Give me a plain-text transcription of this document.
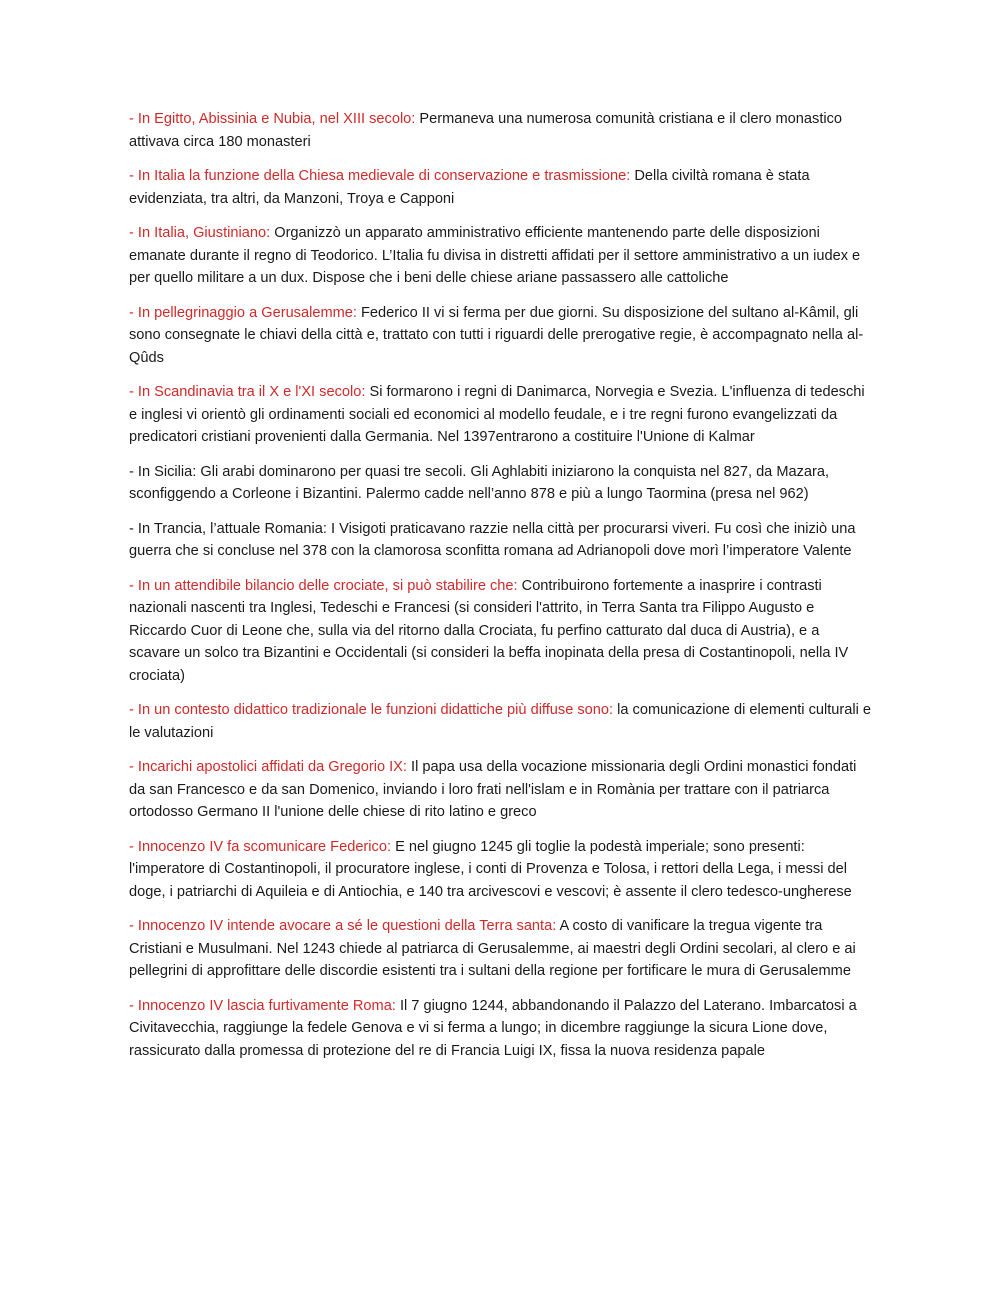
- In Egitto, Abissinia e Nubia, nel XIII secolo: Permaneva una numerosa comunità cristiana e il clero monastico attivava circa 180 monasteri

- In Italia la funzione della Chiesa medievale di conservazione e trasmissione: Della civiltà romana è stata evidenziata, tra altri, da Manzoni, Troya e Capponi

- In Italia, Giustiniano: Organizzò un apparato amministrativo efficiente mantenendo parte delle disposizioni emanate durante il regno di Teodorico. L’Italia fu divisa in distretti affidati per il settore amministrativo a un iudex e per quello militare a un dux. Dispose che i beni delle chiese ariane passassero alle cattoliche

- In pellegrinaggio a Gerusalemme: Federico II vi si ferma per due giorni. Su disposizione del sultano al-Kâmil, gli sono consegnate le chiavi della città e, trattato con tutti i riguardi delle prerogative regie, è accompagnato nella al-Qûds

- In Scandinavia tra il X e l'XI secolo: Si formarono i regni di Danimarca, Norvegia e Svezia. L'influenza di tedeschi e inglesi vi orientò gli ordinamenti sociali ed economici al modello feudale, e i tre regni furono evangelizzati da predicatori cristiani provenienti dalla Germania. Nel 1397entrarono a costituire l'Unione di Kalmar

- In Sicilia: Gli arabi dominarono per quasi tre secoli. Gli Aghlabiti iniziarono la conquista nel 827, da Mazara, sconfiggendo a Corleone i Bizantini. Palermo cadde nell’anno 878 e più a lungo Taormina (presa nel 962)

- In Trancia, l’attuale Romania: I Visigoti praticavano razzie nella città per procurarsi viveri. Fu così che iniziò una guerra che si concluse nel 378 con la clamorosa sconfitta romana ad Adrianopoli dove morì l’imperatore Valente

- In un attendibile bilancio delle crociate, si può stabilire che: Contribuirono fortemente a inasprire i contrasti nazionali nascenti tra Inglesi, Tedeschi e Francesi (si consideri l'attrito, in Terra Santa tra Filippo Augusto e Riccardo Cuor di Leone che, sulla via del ritorno dalla Crociata, fu perfino catturato dal duca di Austria), e a scavare un solco tra Bizantini e Occidentali (si consideri la beffa inopinata della presa di Costantinopoli, nella IV crociata)

- In un contesto didattico tradizionale le funzioni didattiche più diffuse sono: la comunicazione di elementi culturali e le valutazioni

- Incarichi apostolici affidati da Gregorio IX: Il papa usa della vocazione missionaria degli Ordini monastici fondati da san Francesco e da san Domenico, inviando i loro frati nell'islam e in Romània per trattare con il patriarca ortodosso Germano II l'unione delle chiese di rito latino e greco

- Innocenzo IV fa scomunicare Federico: E nel giugno 1245 gli toglie la podestà imperiale; sono presenti: l'imperatore di Costantinopoli, il procuratore inglese, i conti di Provenza e Tolosa, i rettori della Lega, i messi del doge, i patriarchi di Aquileia e di Antiochia, e 140 tra arcivescovi e vescovi; è assente il clero tedesco-ungherese

- Innocenzo IV intende avocare a sé le questioni della Terra santa: A costo di vanificare la tregua vigente tra Cristiani e Musulmani. Nel 1243 chiede al patriarca di Gerusalemme, ai maestri degli Ordini secolari, al clero e ai pellegrini di approfittare delle discordie esistenti tra i sultani della regione per fortificare le mura di Gerusalemme

- Innocenzo IV lascia furtivamente Roma: Il 7 giugno 1244, abbandonando il Palazzo del Laterano. Imbarcatosi a Civitavecchia, raggiunge la fedele Genova e vi si ferma a lungo; in dicembre raggiunge la sicura Lione dove, rassicurato dalla promessa di protezione del re di Francia Luigi IX, fissa la nuova residenza papale
